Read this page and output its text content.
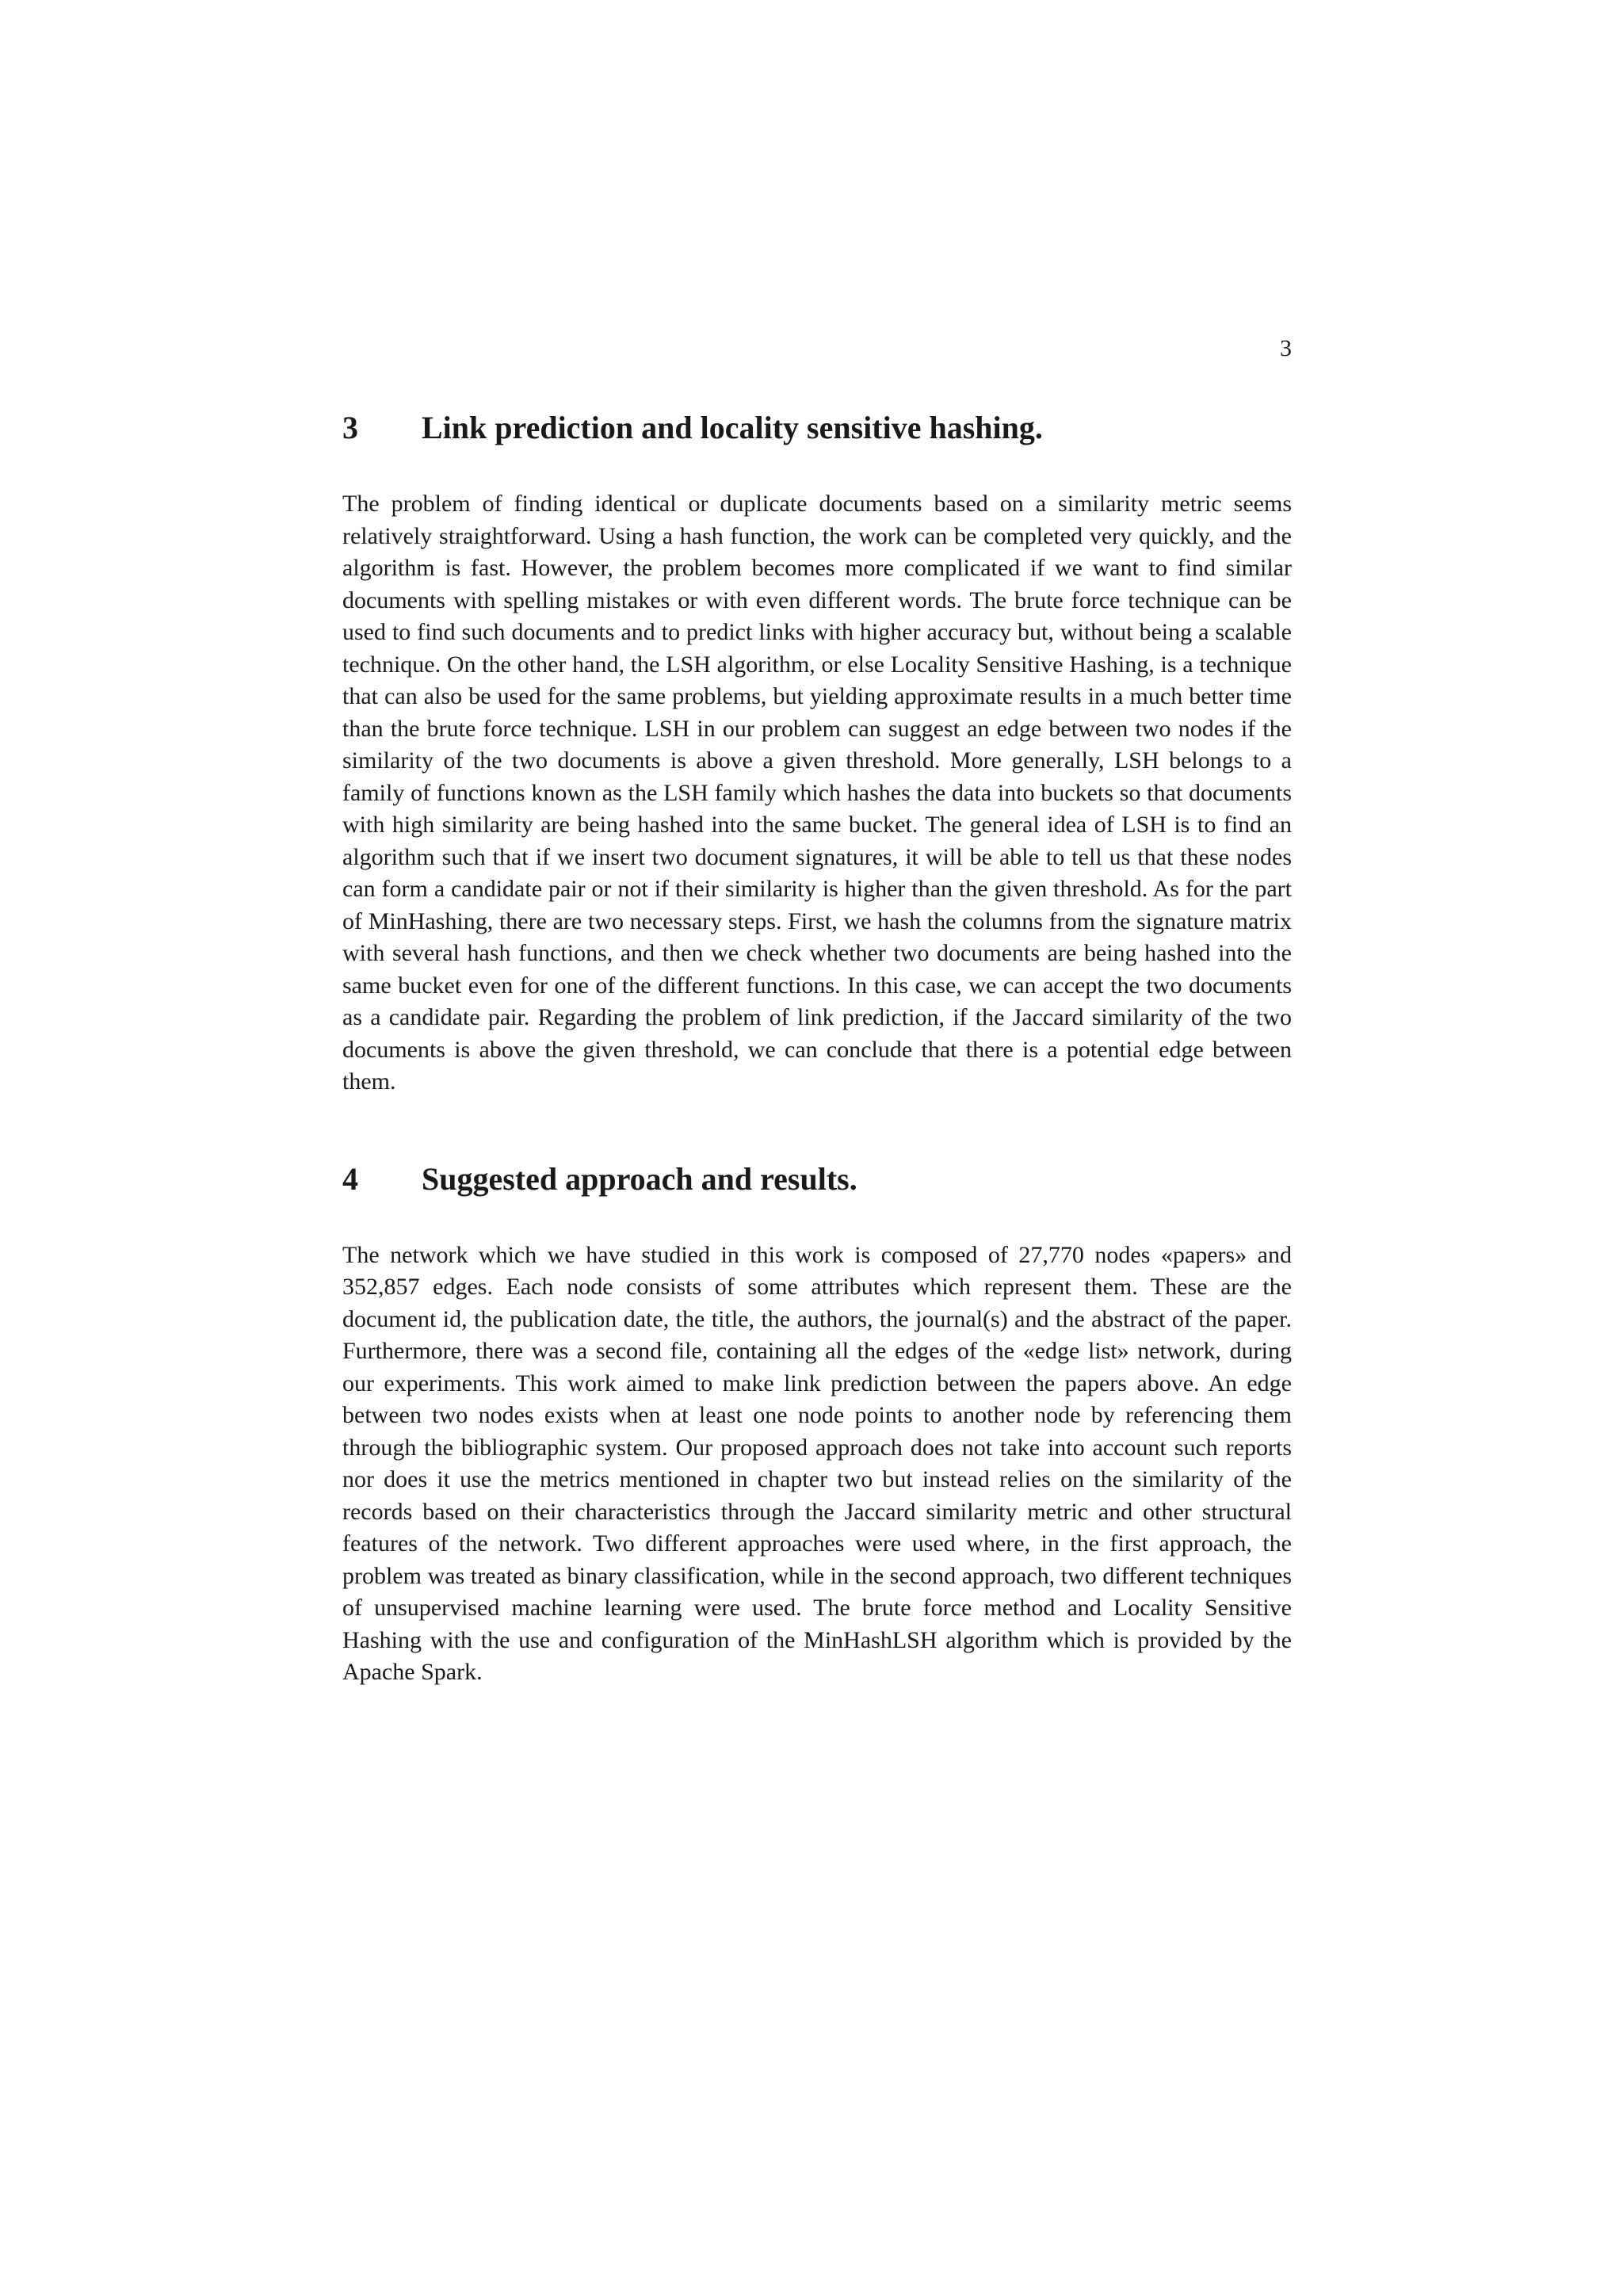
3
3 Link prediction and locality sensitive hashing.

The problem of finding identical or duplicate documents based on a similarity metric seems relatively straightforward. Using a hash function, the work can be completed very quickly, and the algorithm is fast. However, the problem becomes more complicated if we want to find similar documents with spelling mistakes or with even different words. The brute force technique can be used to find such documents and to predict links with higher accuracy but, without being a scalable technique. On the other hand, the LSH algorithm, or else Locality Sensitive Hashing, is a technique that can also be used for the same problems, but yielding approximate results in a much better time than the brute force technique. LSH in our problem can suggest an edge between two nodes if the similarity of the two documents is above a given threshold. More generally, LSH belongs to a family of functions known as the LSH family which hashes the data into buckets so that documents with high similarity are being hashed into the same bucket. The general idea of LSH is to find an algorithm such that if we insert two document signatures, it will be able to tell us that these nodes can form a candidate pair or not if their similarity is higher than the given threshold. As for the part of MinHashing, there are two necessary steps. First, we hash the columns from the signature matrix with several hash functions, and then we check whether two documents are being hashed into the same bucket even for one of the different functions. In this case, we can accept the two documents as a candidate pair. Regarding the problem of link prediction, if the Jaccard similarity of the two documents is above the given threshold, we can conclude that there is a potential edge between them.

4 Suggested approach and results.

The network which we have studied in this work is composed of 27,770 nodes «papers» and 352,857 edges. Each node consists of some attributes which represent them. These are the document id, the publication date, the title, the authors, the journal(s) and the abstract of the paper. Furthermore, there was a second file, containing all the edges of the «edge list» network, during our experiments. This work aimed to make link prediction between the papers above. An edge between two nodes exists when at least one node points to another node by referencing them through the bibliographic system. Our proposed approach does not take into account such reports nor does it use the metrics mentioned in chapter two but instead relies on the similarity of the records based on their characteristics through the Jaccard similarity metric and other structural features of the network. Two different approaches were used where, in the first approach, the problem was treated as binary classification, while in the second approach, two different techniques of unsupervised machine learning were used. The brute force method and Locality Sensitive Hashing with the use and configuration of the MinHashLSH algorithm which is provided by the Apache Spark.
